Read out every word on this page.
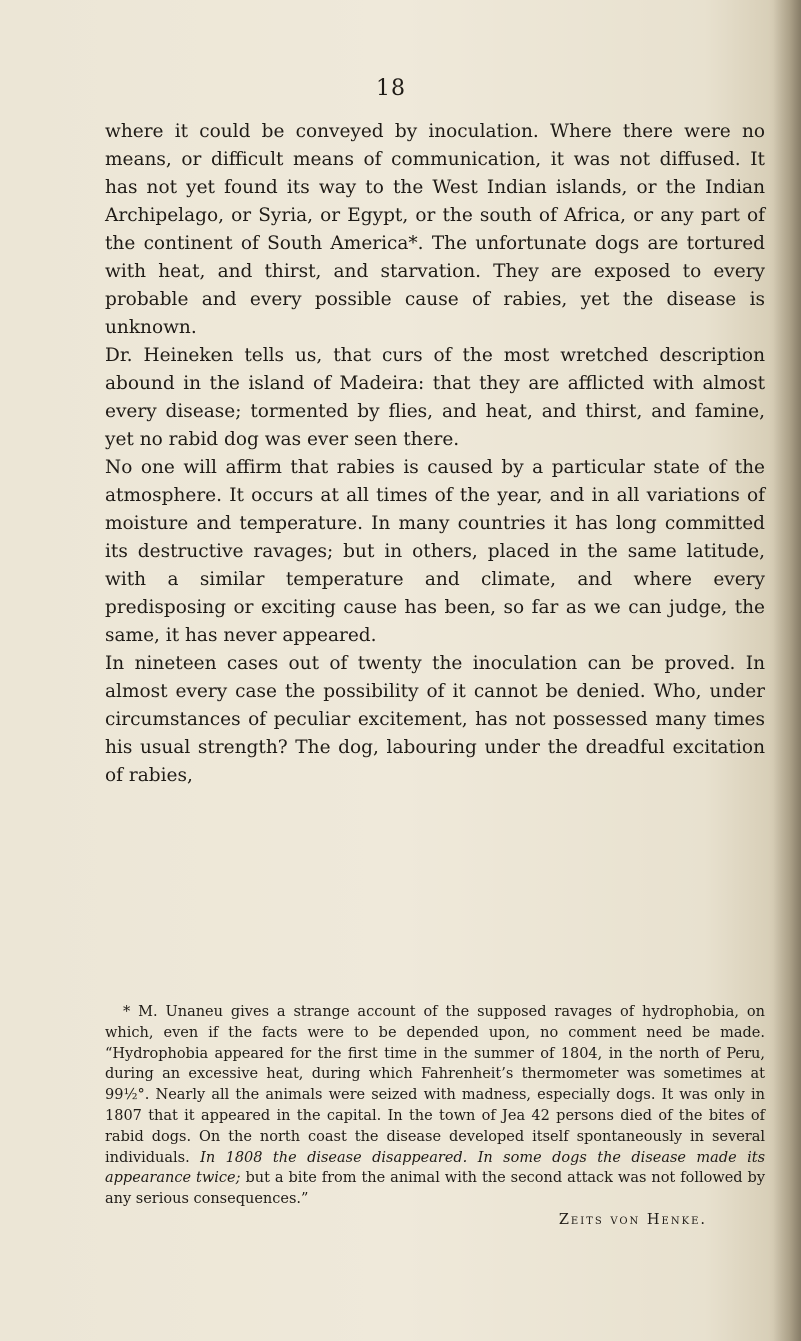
18

where it could be conveyed by inoculation. Where there were no means, or difficult means of communication, it was not diffused. It has not yet found its way to the West Indian islands, or the Indian Archipelago, or Syria, or Egypt, or the south of Africa, or any part of the continent of South America*. The unfortunate dogs are tortured with heat, and thirst, and starvation. They are exposed to every probable and every possible cause of rabies, yet the disease is unknown.

Dr. Heineken tells us, that curs of the most wretched description abound in the island of Madeira: that they are afflicted with almost every disease; tormented by flies, and heat, and thirst, and famine, yet no rabid dog was ever seen there.

No one will affirm that rabies is caused by a particular state of the atmosphere. It occurs at all times of the year, and in all variations of moisture and temperature. In many countries it has long committed its destructive ravages; but in others, placed in the same latitude, with a similar temperature and climate, and where every predisposing or exciting cause has been, so far as we can judge, the same, it has never appeared.

In nineteen cases out of twenty the inoculation can be proved. In almost every case the possibility of it cannot be denied. Who, under circumstances of peculiar excitement, has not possessed many times his usual strength? The dog, labouring under the dreadful excitation of rabies,

* M. Unaneu gives a strange account of the supposed ravages of hydrophobia, on which, even if the facts were to be depended upon, no comment need be made. “Hydrophobia appeared for the first time in the summer of 1804, in the north of Peru, during an excessive heat, during which Fahrenheit’s thermometer was sometimes at 99½°. Nearly all the animals were seized with madness, especially dogs. It was only in 1807 that it appeared in the capital. In the town of Jea 42 persons died of the bites of rabid dogs. On the north coast the disease developed itself spontaneously in several individuals. In 1808 the disease disappeared. In some dogs the disease made its appearance twice; but a bite from the animal with the second attack was not followed by any serious consequences.”

Zeits von Henke.
